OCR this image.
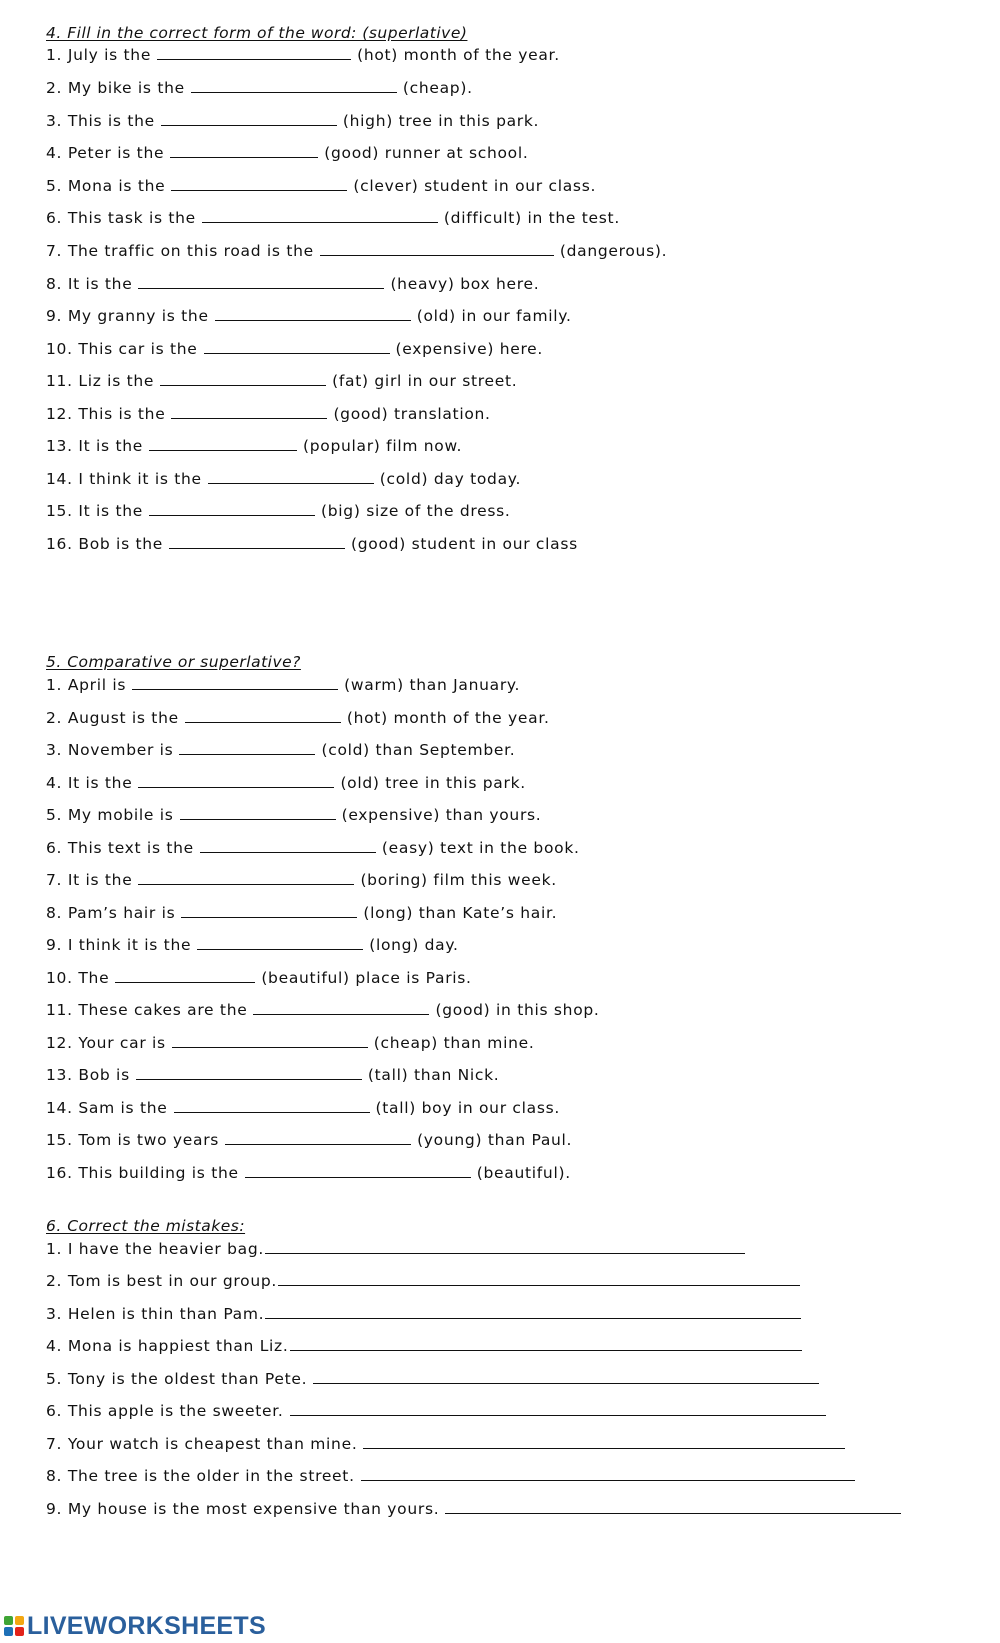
4. Fill in the correct form of the word: (superlative)
1. July is the	(hot) month of the year.
2. My bike is the	(cheap).
3. This is the	(high) tree in this park.
4. Peter is the	(good) runner at school.
5. Mona is the	(clever) student in our class.
6. This task is the	(difficult) in the test.
7. The traffic on this road is the	(dangerous).
8. It is the	(heavy) box here.
9. My granny is the	(old) in our family.
10. This car is the	(expensive) here.
11. Liz is the	(fat) girl in our street.
12. This is the	(good) translation.
13. It is the	(popular) film now.
14. I think it is the	(cold) day today.
15. It is the	(big) size of the dress.
16. Bob is the	(good) student in our class
5. Comparative or superlative?
1. April is	(warm) than January.
2. August is the	(hot) month of the year.
3. November is	(cold) than September.
4. It is the	(old) tree in this park.
5. My mobile is	(expensive) than yours.
6. This text is the	(easy) text in the book.
7. It is the	(boring) film this week.
8. Pam’s hair is	(long) than Kate’s hair.
9. I think it is the	(long) day.
10. The	(beautiful) place is Paris.
11. These cakes are the	(good) in this shop.
12. Your car is	(cheap) than mine.
13. Bob is	(tall) than Nick.
14. Sam is the	(tall) boy in our class.
15. Tom is two years	(young) than Paul.
16. This building is the	(beautiful).
6. Correct the mistakes:
1. I have the heavier bag.
2. Tom is best in our group.
3. Helen is thin than Pam.
4. Mona is happiest than Liz.
5. Tony is the oldest than Pete.
6. This apple is the sweeter.
7. Your watch is cheapest than mine.
8. The tree is the older in the street.
9. My house is the most expensive than yours.
LIVEWORKSHEETS
